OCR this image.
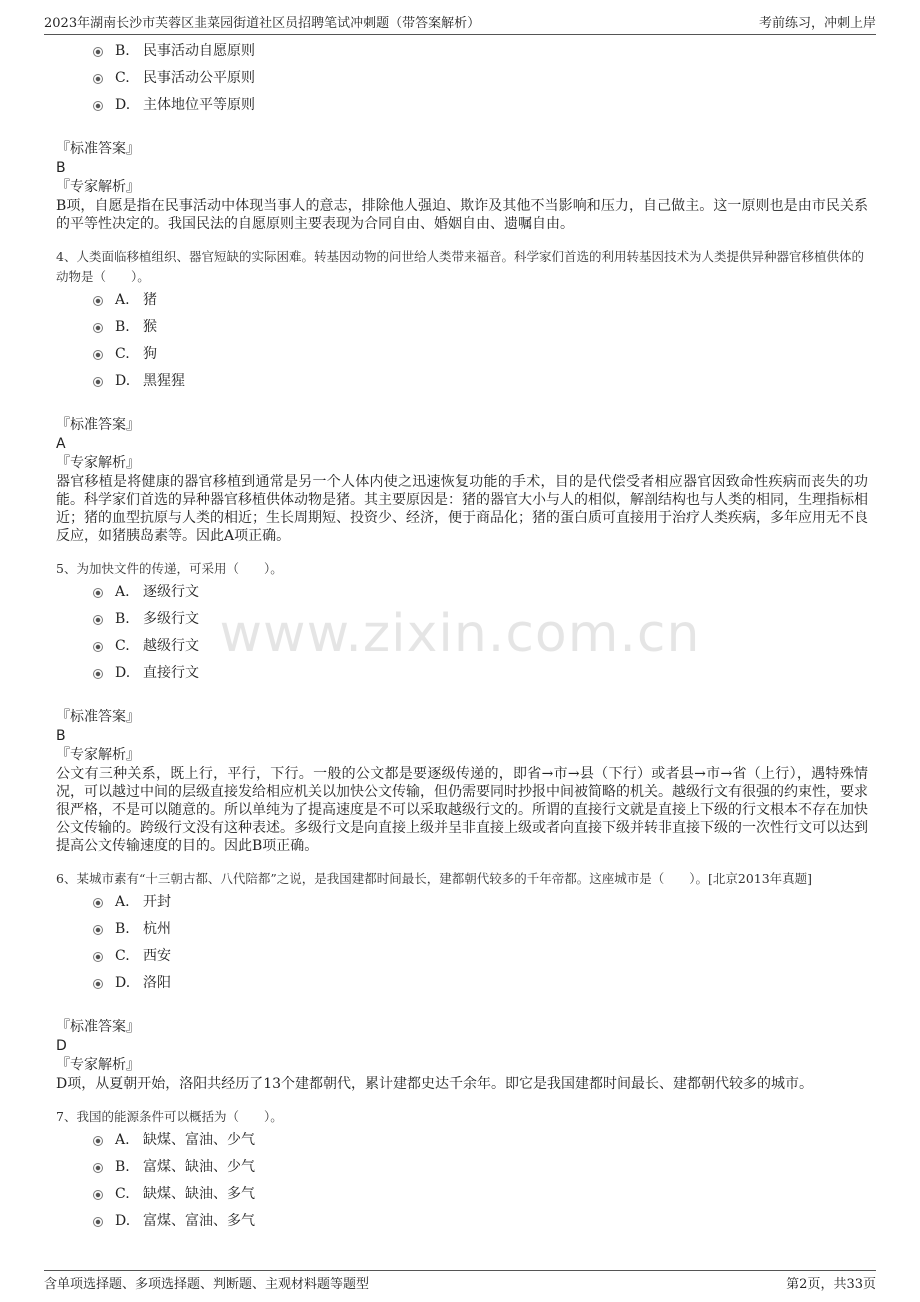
2023年湖南长沙市芙蓉区韭菜园街道社区员招聘笔试冲刺题（带答案解析）	考前练习，冲刺上岸
www.zixin.com.cn
B. 民事活动自愿原则
C. 民事活动公平原则
D. 主体地位平等原则
『标准答案』
B
『专家解析』
B项，自愿是指在民事活动中体现当事人的意志，排除他人强迫、欺诈及其他不当影响和压力，自己做主。这一原则也是由市民关系的平等性决定的。我国民法的自愿原则主要表现为合同自由、婚姻自由、遗嘱自由。
4、人类面临移植组织、器官短缺的实际困难。转基因动物的问世给人类带来福音。科学家们首选的利用转基因技术为人类提供异种器官移植供体的动物是（　　）。
A. 猪
B. 猴
C. 狗
D. 黑猩猩
『标准答案』
A
『专家解析』
器官移植是将健康的器官移植到通常是另一个人体内使之迅速恢复功能的手术，目的是代偿受者相应器官因致命性疾病而丧失的功能。科学家们首选的异种器官移植供体动物是猪。其主要原因是：猪的器官大小与人的相似，解剖结构也与人类的相同，生理指标相近；猪的血型抗原与人类的相近；生长周期短、投资少、经济，便于商品化；猪的蛋白质可直接用于治疗人类疾病，多年应用无不良反应，如猪胰岛素等。因此A项正确。
5、为加快文件的传递，可采用（　　）。
A. 逐级行文
B. 多级行文
C. 越级行文
D. 直接行文
『标准答案』
B
『专家解析』
公文有三种关系，既上行，平行，下行。一般的公文都是要逐级传递的，即省→市→县（下行）或者县→市→省（上行），遇特殊情况，可以越过中间的层级直接发给相应机关以加快公文传输，但仍需要同时抄报中间被简略的机关。越级行文有很强的约束性，要求很严格，不是可以随意的。所以单纯为了提高速度是不可以采取越级行文的。所谓的直接行文就是直接上下级的行文根本不存在加快公文传输的。跨级行文没有这种表述。多级行文是向直接上级并呈非直接上级或者向直接下级并转非直接下级的一次性行文可以达到提高公文传输速度的目的。因此B项正确。
6、某城市素有“十三朝古都、八代陪都”之说，是我国建都时间最长，建都朝代较多的千年帝都。这座城市是（　　）。[北京2013年真题]
A. 开封
B. 杭州
C. 西安
D. 洛阳
『标准答案』
D
『专家解析』
D项，从夏朝开始，洛阳共经历了13个建都朝代，累计建都史达千余年。即它是我国建都时间最长、建都朝代较多的城市。
7、我国的能源条件可以概括为（　　）。
A. 缺煤、富油、少气
B. 富煤、缺油、少气
C. 缺煤、缺油、多气
D. 富煤、富油、多气
含单项选择题、多项选择题、判断题、主观材料题等题型	第2页，共33页
